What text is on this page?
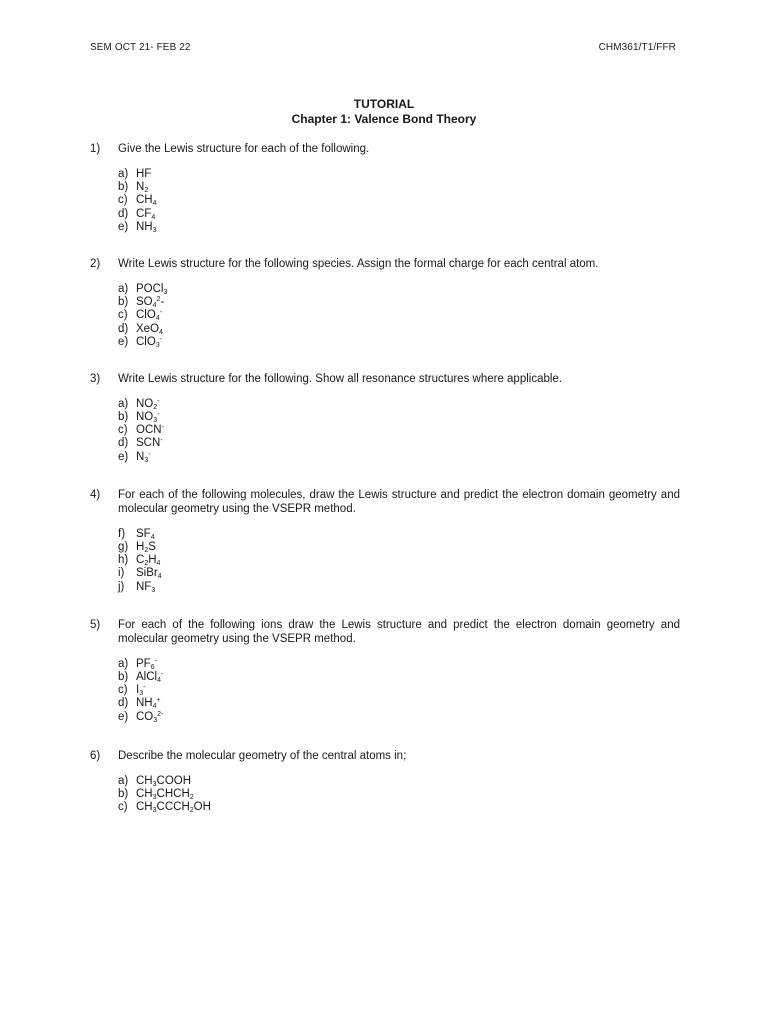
SEM OCT 21- FEB 22	CHM361/T1/FFR
TUTORIAL
Chapter 1: Valence Bond Theory
1)	Give the Lewis structure for each of the following.
a) HF
b) $N_2$
c) $CH_4$
d) $CF_4$
e) $NH_3$
2)	Write Lewis structure for the following species. Assign the formal charge for each central atom.
a) POCl$_3$
b) $SO_4^2-$
c) ClO$_4$-
d) XeO$_4$
e) ClO$_3$-
3)	Write Lewis structure for the following. Show all resonance structures where applicable.
a) $NO_2^-$
b) $NO_3^-$
c) OCN-
d) SCN-
e) $N_3^-$
4)	For each of the following molecules, draw the Lewis structure and predict the electron domain geometry and molecular geometry using the VSEPR method.
f) $SF_4$
g) $H_2S$
h) $C_2H_4$
i)	SiBr$_4$
j)	$NF_3$
5)	For each of the following ions draw the Lewis structure and predict the electron domain geometry and molecular geometry using the VSEPR method.
a) $PF_6^-$
b) AlCl$_4$-
c) $I_3^-$
d) $NH_4^+$
e) $CO_3^{2-}$
6)	Describe the molecular geometry of the central atoms in;
a) $CH_3COOH$
b) $CH_3CHCH_2$
c) $CH_3CCCH_2OH$
